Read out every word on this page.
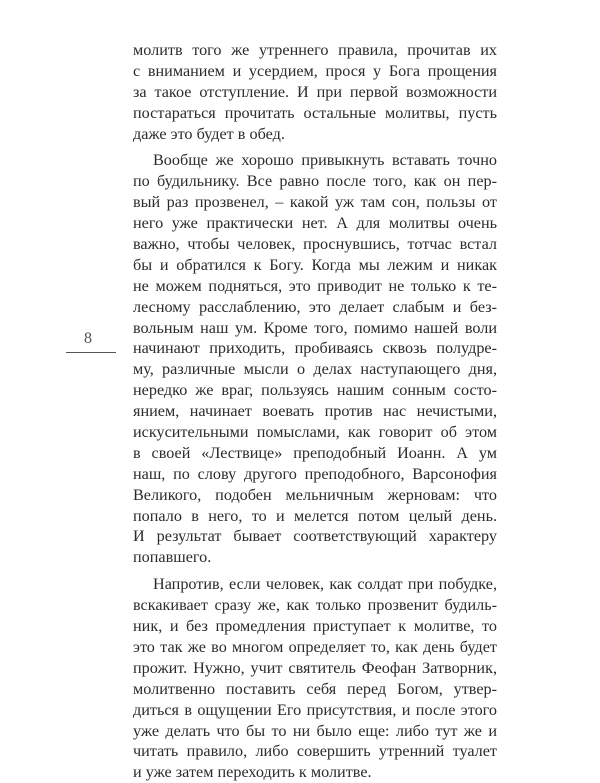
8
молитв того же утреннего правила, прочитав их
с вниманием и усердием, прося у Бога прощения
за такое отступление. И при первой возможности
постараться прочитать остальные молитвы, пусть
даже это будет в обед.
Вообще же хорошо привыкнуть вставать точно
по будильнику. Все равно после того, как он пер-
вый раз прозвенел, – какой уж там сон, пользы от
него уже практически нет. А для молитвы очень
важно, чтобы человек, проснувшись, тотчас встал
бы и обратился к Богу. Когда мы лежим и никак
не можем подняться, это приводит не только к те-
лесному расслаблению, это делает слабым и без-
вольным наш ум. Кроме того, помимо нашей воли
начинают приходить, пробиваясь сквозь полудре-
му, различные мысли о делах наступающего дня,
нередко же враг, пользуясь нашим сонным состо-
янием, начинает воевать против нас нечистыми,
искусительными помыслами, как говорит об этом
в своей «Лествице» преподобный Иоанн. А ум
наш, по слову другого преподобного, Варсонофия
Великого, подобен мельничным жерновам: что
попало в него, то и мелется потом целый день.
И результат бывает соответствующий характеру
попавшего.
Напротив, если человек, как солдат при побудке,
вскакивает сразу же, как только прозвенит будиль-
ник, и без промедления приступает к молитве, то
это так же во многом определяет то, как день будет
прожит. Нужно, учит святитель Феофан Затворник,
молитвенно поставить себя перед Богом, утвер-
диться в ощущении Его присутствия, и после этого
уже делать что бы то ни было еще: либо тут же и
читать правило, либо совершить утренний туалет
и уже затем переходить к молитве.
